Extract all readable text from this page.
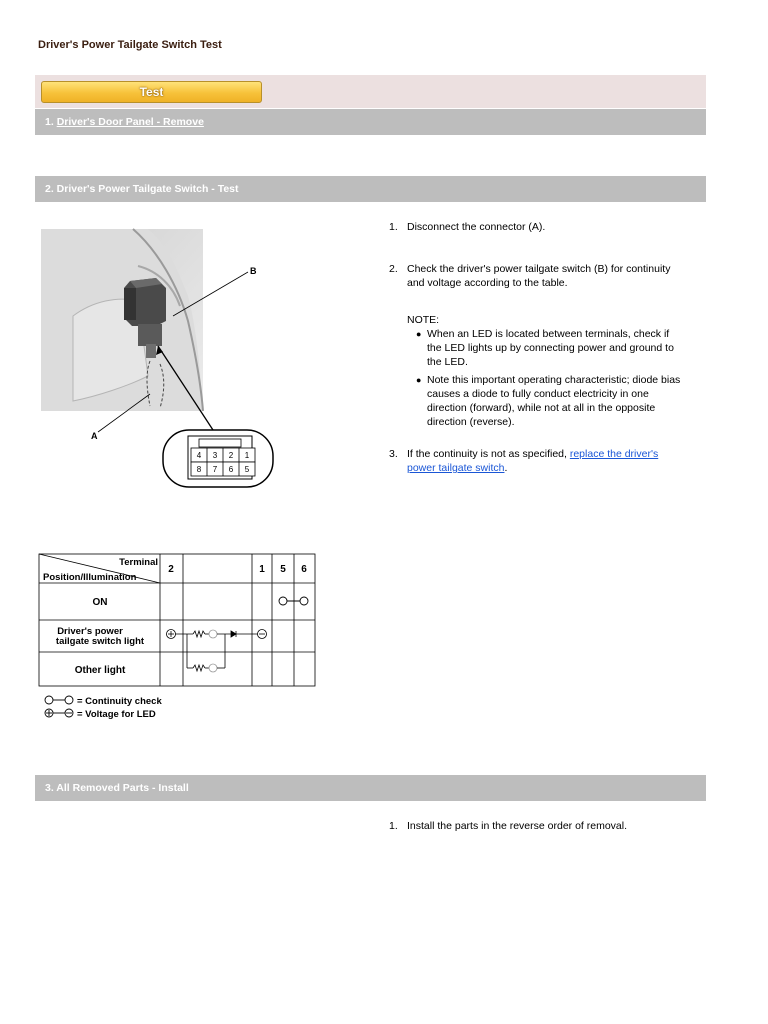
Driver's Power Tailgate Switch Test
Test
1. Driver's Door Panel - Remove
2. Driver's Power Tailgate Switch - Test
B
A
4 3 2 1
8 7 6 5
1. Disconnect the connector (A).
2. Check the driver's power tailgate switch (B) for continuity
and voltage according to the table.
NOTE:
● When an LED is located between terminals, check if
the LED lights up by connecting power and ground to
the LED.
● Note this important operating characteristic; diode bias
causes a diode to fully conduct electricity in one
direction (forward), while not at all in the opposite
direction (reverse).
3. If the continuity is not as specified, replace the driver's
power tailgate switch.
Terminal
Position/Illumination
2	1 5 6
ON
Driver's power
tailgate switch light
Other light
= Continuity check
= Voltage for LED
3. All Removed Parts - Install
1. Install the parts in the reverse order of removal.
